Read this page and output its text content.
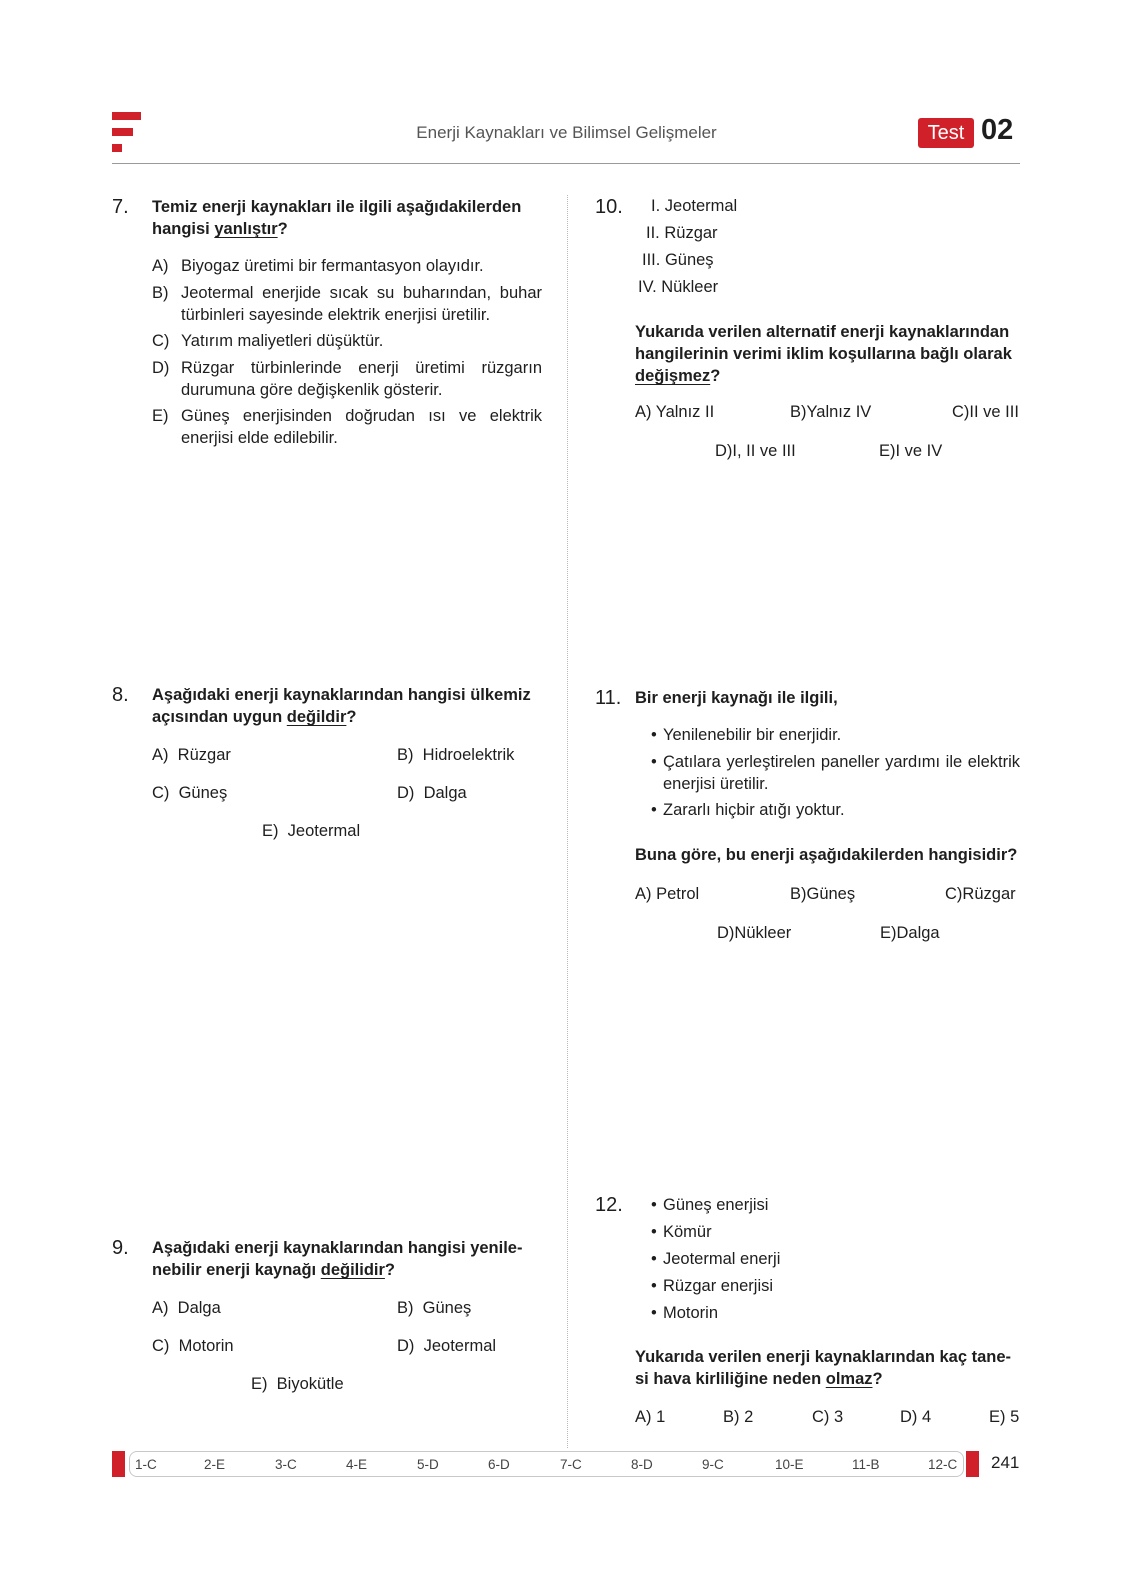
Enerji Kaynakları ve Bilimsel Gelişmeler	Test 02
7. Temiz enerji kaynakları ile ilgili aşağıdakilerden hangisi yanlıştır?
A) Biyogaz üretimi bir fermantasyon olayıdır.
B) Jeotermal enerjide sıcak su buharından, buhar türbinleri sayesinde elektrik enerjisi üretilir.
C) Yatırım maliyetleri düşüktür.
D) Rüzgar türbinlerinde enerji üretimi rüzgarın durumuna göre değişkenlik gösterir.
E) Güneş enerjisinden doğrudan ısı ve elektrik enerjisi elde edilebilir.
8. Aşağıdaki enerji kaynaklarından hangisi ülkemiz açısından uygun değildir?
A) Rüzgar	B) Hidroelektrik
C) Güneş	D) Dalga
E) Jeotermal
9. Aşağıdaki enerji kaynaklarından hangisi yenile-nebilir enerji kaynağı değilidir?
A) Dalga	B) Güneş
C) Motorin	D) Jeotermal
E) Biyokütle
10. I. Jeotermal
II. Rüzgar
III. Güneş
IV. Nükleer
Yukarıda verilen alternatif enerji kaynaklarından hangilerinin verimi iklim koşullarına bağlı olarak değişmez?
A) Yalnız II	B)Yalnız IV	C)II ve III
D)I, II ve III	E)I ve IV
11. Bir enerji kaynağı ile ilgili,
• Yenilenebilir bir enerjidir.
• Çatılara yerleştirelen paneller yardımı ile elektrik enerjisi üretilir.
• Zararlı hiçbir atığı yoktur.
Buna göre, bu enerji aşağıdakilerden hangisidir?
A) Petrol	B)Güneş	C)Rüzgar
D)Nükleer	E)Dalga
12. • Güneş enerjisi
• Kömür
• Jeotermal enerji
• Rüzgar enerjisi
• Motorin
Yukarıda verilen enerji kaynaklarından kaç tane-si hava kirliliğine neden olmaz?
A) 1	B) 2	C) 3	D) 4	E) 5
1-C	2-E	3-C	4-E	5-D	6-D	7-C	8-D	9-C	10-E	11-B	12-C 241
